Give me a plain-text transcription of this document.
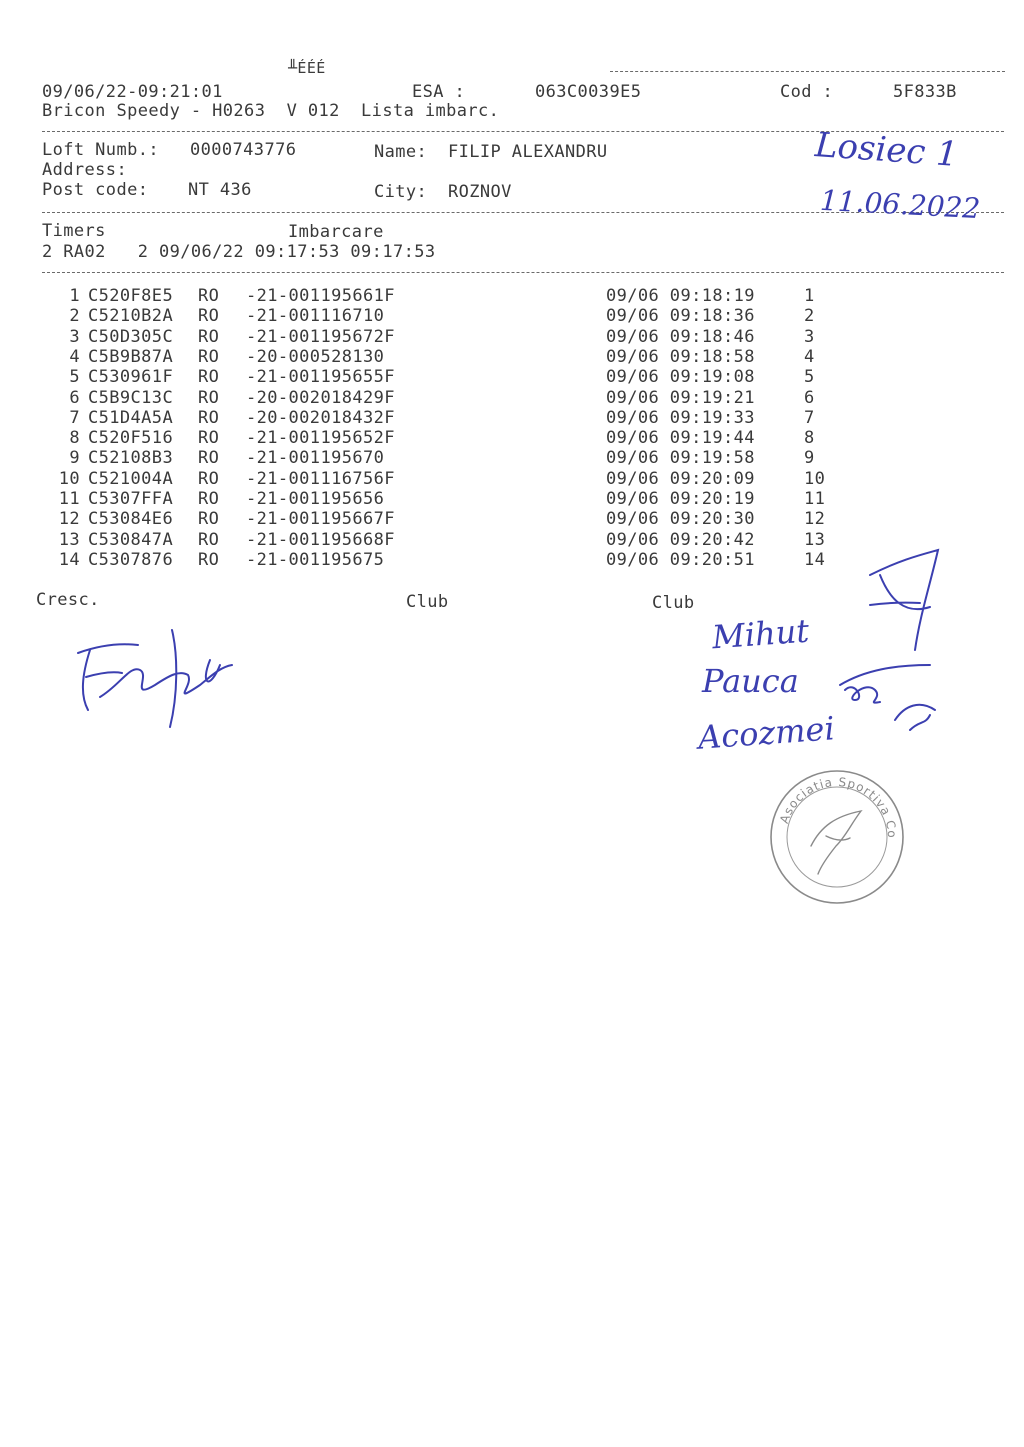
╨ÉÉÉ
09/06/22-09:21:01	ESA :	063C0039E5	Cod :	5F833B
Bricon Speedy - H0263  V 012  Lista imbarc.
Loft Numb.: 0000743776	Name: FILIP ALEXANDRU
Address:
Post code: NT 436	City: ROZNOV
Timers	Imbarcare
2 RA02   2 09/06/22 09:17:53 09:17:53
1 C520F8E5 RO -21-001195661F	09/06 09:18:19	1
2 C5210B2A RO -21-001116710	09/06 09:18:36	2
3 C50D305C RO -21-001195672F	09/06 09:18:46	3
4 C5B9B87A RO -20-000528130	09/06 09:18:58	4
5 C530961F RO -21-001195655F	09/06 09:19:08	5
6 C5B9C13C RO -20-002018429F	09/06 09:19:21	6
7 C51D4A5A RO -20-002018432F	09/06 09:19:33	7
8 C520F516 RO -21-001195652F	09/06 09:19:44	8
9 C52108B3 RO -21-001195670	09/06 09:19:58	9
10 C521004A RO -21-001116756F	09/06 09:20:09	10
11 C5307FFA RO -21-001195656	09/06 09:20:19	11
12 C53084E6 RO -21-001195667F	09/06 09:20:30	12
13 C530847A RO -21-001195668F	09/06 09:20:42	13
14 C5307876 RO -21-001195675	09/06 09:20:51	14
Cresc.	Club	Club
Losiec 1
11.06.2022
Mihut
Pauca
Acozmei
Asociatia Sportiva Columbofila
